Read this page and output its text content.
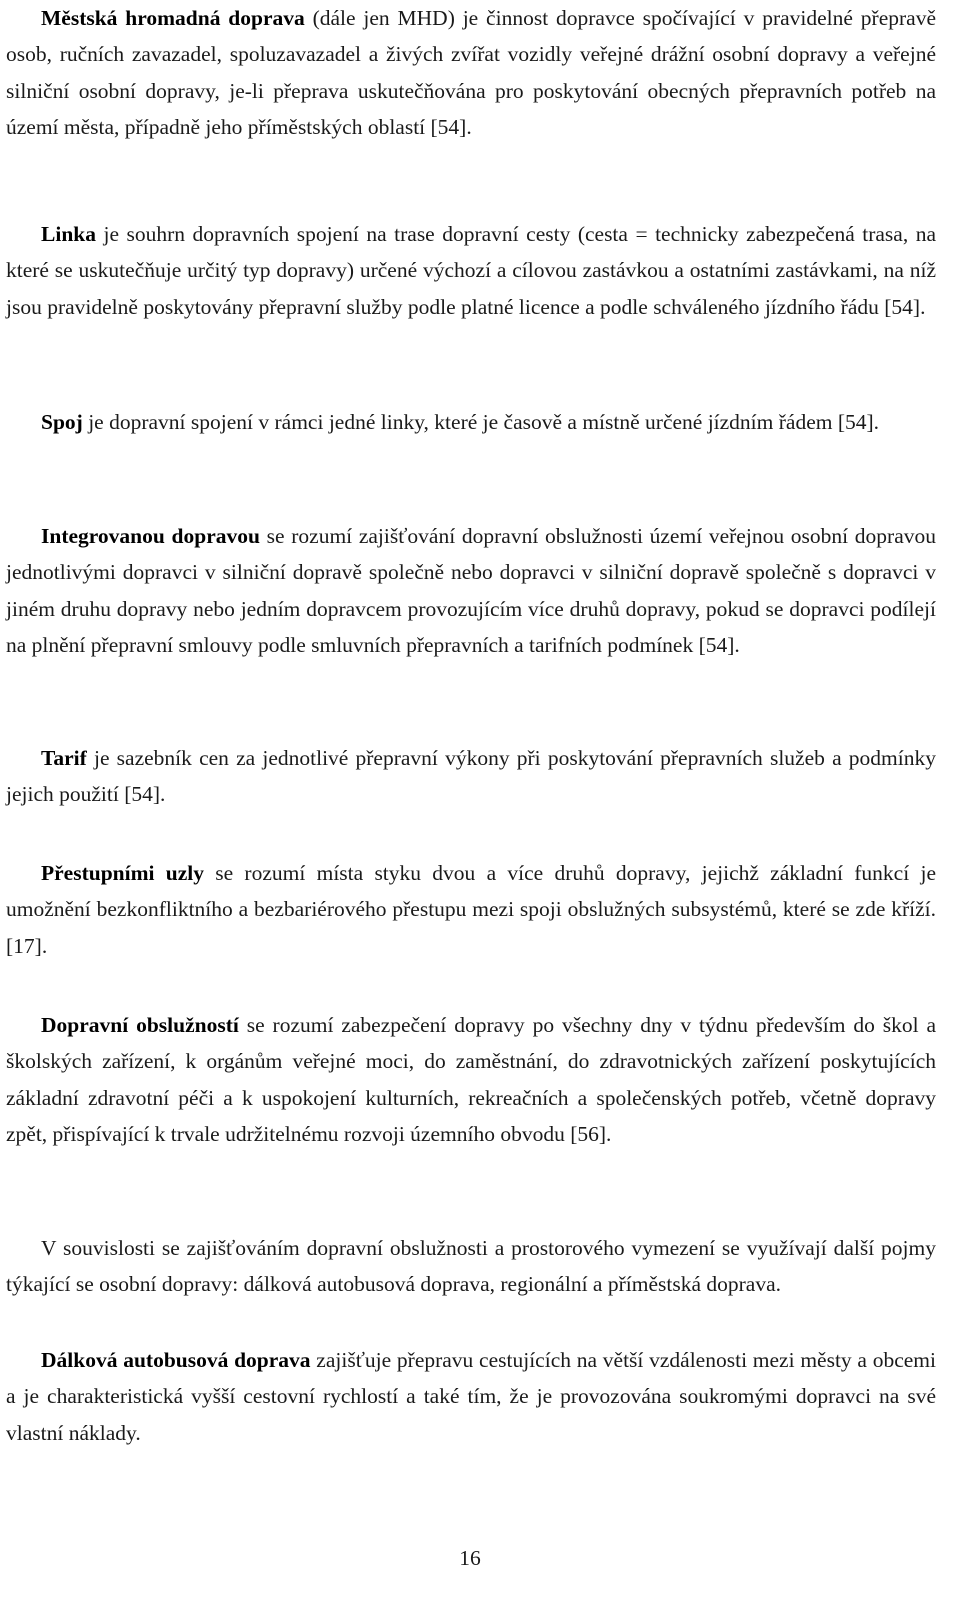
Městská hromadná doprava (dále jen MHD) je činnost dopravce spočívající v pravidelné přepravě osob, ručních zavazadel, spoluzavazadel a živých zvířat vozidly veřejné drážní osobní dopravy a veřejné silniční osobní dopravy, je-li přeprava uskutečňována pro poskytování obecných přepravních potřeb na území města, případně jeho příměstských oblastí [54].

Linka je souhrn dopravních spojení na trase dopravní cesty (cesta = technicky zabezpečená trasa, na které se uskutečňuje určitý typ dopravy) určené výchozí a cílovou zastávkou a ostatními zastávkami, na níž jsou pravidelně poskytovány přepravní služby podle platné licence a podle schváleného jízdního řádu [54].

Spoj je dopravní spojení v rámci jedné linky, které je časově a místně určené jízdním řádem [54].

Integrovanou dopravou se rozumí zajišťování dopravní obslužnosti území veřejnou osobní dopravou jednotlivými dopravci v silniční dopravě společně nebo dopravci v silniční dopravě společně s dopravci v jiném druhu dopravy nebo jedním dopravcem provozujícím více druhů dopravy, pokud se dopravci podílejí na plnění přepravní smlouvy podle smluvních přepravních a tarifních podmínek [54].

Tarif je sazebník cen za jednotlivé přepravní výkony při poskytování přepravních služeb a podmínky jejich použití [54].

Přestupními uzly se rozumí místa styku dvou a více druhů dopravy, jejichž základní funkcí je umožnění bezkonfliktního a bezbariérového přestupu mezi spoji obslužných subsystémů, které se zde kříží. [17].

Dopravní obslužností se rozumí zabezpečení dopravy po všechny dny v týdnu především do škol a školských zařízení, k orgánům veřejné moci, do zaměstnání, do zdravotnických zařízení poskytujících základní zdravotní péči a k uspokojení kulturních, rekreačních a společenských potřeb, včetně dopravy zpět, přispívající k trvale udržitelnému rozvoji územního obvodu [56].

V souvislosti se zajišťováním dopravní obslužnosti a prostorového vymezení se využívají další pojmy týkající se osobní dopravy: dálková autobusová doprava, regionální a příměstská doprava.

Dálková autobusová doprava zajišťuje přepravu cestujících na větší vzdálenosti mezi městy a obcemi a je charakteristická vyšší cestovní rychlostí a také tím, že je provozována soukromými dopravci na své vlastní náklady.

16
